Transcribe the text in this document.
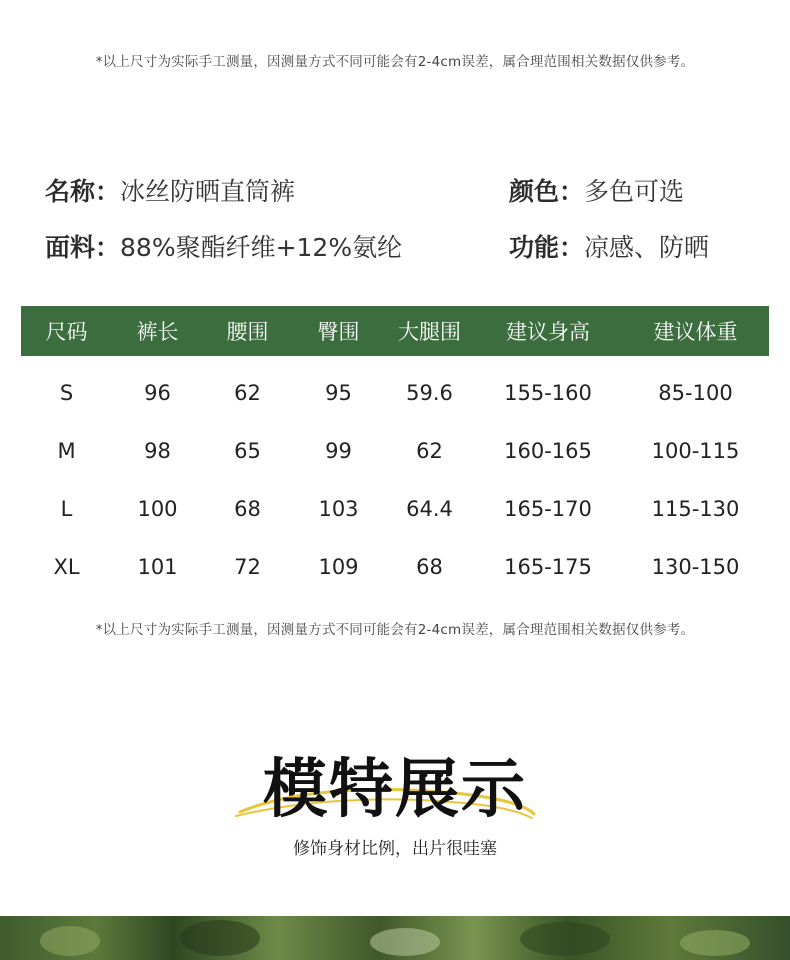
*以上尺寸为实际手工测量，因测量方式不同可能会有2-4cm误差，属合理范围相关数据仅供参考。
名称：冰丝防晒直筒裤	颜色：多色可选
面料：88%聚酯纤维+12%氨纶	功能：凉感、防晒
尺码	裤长	腰围	臀围	大腿围	建议身高	建议体重
S	96	62	95	59.6	155-160	85-100
M	98	65	99	62	160-165	100-115
L	100	68	103	64.4	165-170	115-130
XL	101	72	109	68	165-175	130-150
*以上尺寸为实际手工测量，因测量方式不同可能会有2-4cm误差，属合理范围相关数据仅供参考。
模特展示
修饰身材比例，出片很哇塞
